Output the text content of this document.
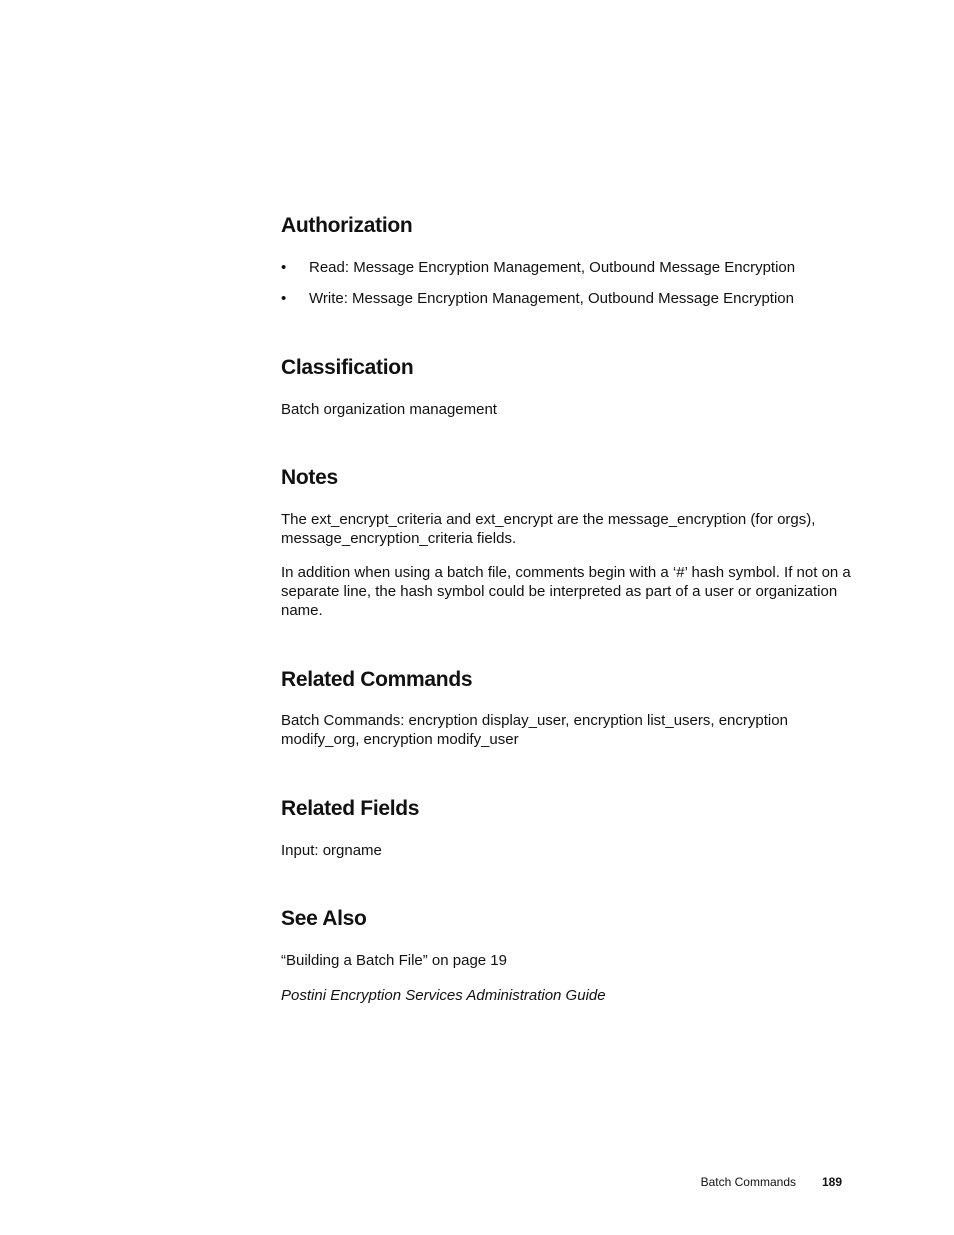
Authorization
• Read: Message Encryption Management, Outbound Message Encryption
• Write: Message Encryption Management, Outbound Message Encryption
Classification

Batch organization management

Notes

The ext_encrypt_criteria and ext_encrypt are the message_encryption (for orgs), message_encryption_criteria fields.

In addition when using a batch file, comments begin with a ‘#’ hash symbol. If not on a separate line, the hash symbol could be interpreted as part of a user or organization name.

Related Commands

Batch Commands: encryption display_user, encryption list_users, encryption modify_org, encryption modify_user

Related Fields

Input: orgname

See Also

“Building a Batch File” on page 19

Postini Encryption Services Administration Guide

Batch Commands 189
